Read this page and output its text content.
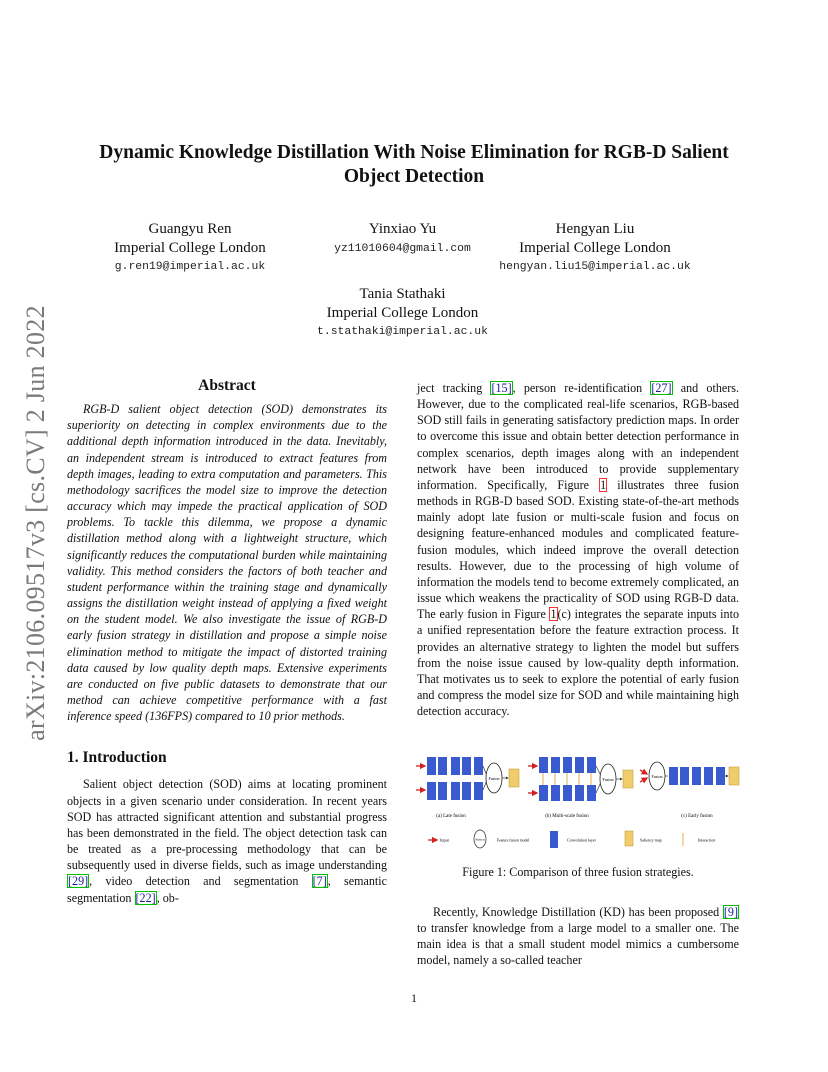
arXiv:2106.09517v3 [cs.CV] 2 Jun 2022
Dynamic Knowledge Distillation With Noise Elimination for RGB-D Salient
Object Detection
Guangyu Ren
Imperial College London
g.ren19@imperial.ac.uk
Yinxiao Yu
yz11010604@gmail.com
Hengyan Liu
Imperial College London
hengyan.liu15@imperial.ac.uk
Tania Stathaki
Imperial College London
t.stathaki@imperial.ac.uk
Abstract

RGB-D salient object detection (SOD) demonstrates its superiority on detecting in complex environments due to the additional depth information introduced in the data. Inevitably, an independent stream is introduced to extract features from depth images, leading to extra computation and parameters. This methodology sacrifices the model size to improve the detection accuracy which may impede the practical application of SOD problems. To tackle this dilemma, we propose a dynamic distillation method along with a lightweight structure, which significantly reduces the computational burden while maintaining validity. This method considers the factors of both teacher and student performance within the training stage and dynamically assigns the distillation weight instead of applying a fixed weight on the student model. We also investigate the issue of RGB-D early fusion strategy in distillation and propose a simple noise elimination method to mitigate the impact of distorted training data caused by low quality depth maps. Extensive experiments are conducted on five public datasets to demonstrate that our method can achieve competitive performance with a fast inference speed (136FPS) compared to 10 prior methods.

1. Introduction

Salient object detection (SOD) aims at locating prominent objects in a given scenario under consideration. In recent years SOD has attracted significant attention and substantial progress has been demonstrated in the field. The object detection task can be treated as a pre-processing methodology that can be subsequently used in diverse fields, such as image understanding [29], video detection and segmentation [7], semantic segmentation [22], ob-

ject tracking [15], person re-identification [27] and others. However, due to the complicated real-life scenarios, RGB-based SOD still fails in generating satisfactory prediction maps. In order to overcome this issue and obtain better detection performance in complex scenarios, depth images along with an independent network have been introduced to provide supplementary information. Specifically, Figure 1 illustrates three fusion methods in RGB-D based SOD. Existing state-of-the-art methods mainly adopt late fusion or multi-scale fusion and focus on designing feature-enhanced modules and complicated feature-fusion modules, which indeed improve the overall detection results. However, due to the processing of high volume of information the models tend to become extremely complicated, an issue which weakens the practicality of SOD using RGB-D data. The early fusion in Figure 1(c) integrates the separate inputs into a unified representation before the feature extraction process. It provides an alternative strategy to lighten the model but suffers from the noise issue caused by low-quality depth information. That motivates us to seek to explore the potential of early fusion and compress the model size for SOD and while maintaining high detection accuracy.

Fusion
(a) Late fusion
Fusion
(b) Multi-scale fusion
Fusion
(c) Early fusion
Input	Fusion	Feature fusion model	Convolution layer	Saliency map	Interaction
Figure 1: Comparison of three fusion strategies.

Recently, Knowledge Distillation (KD) has been proposed [9] to transfer knowledge from a large model to a smaller one. The main idea is that a small student model mimics a cumbersome model, namely a so-called teacher

1
